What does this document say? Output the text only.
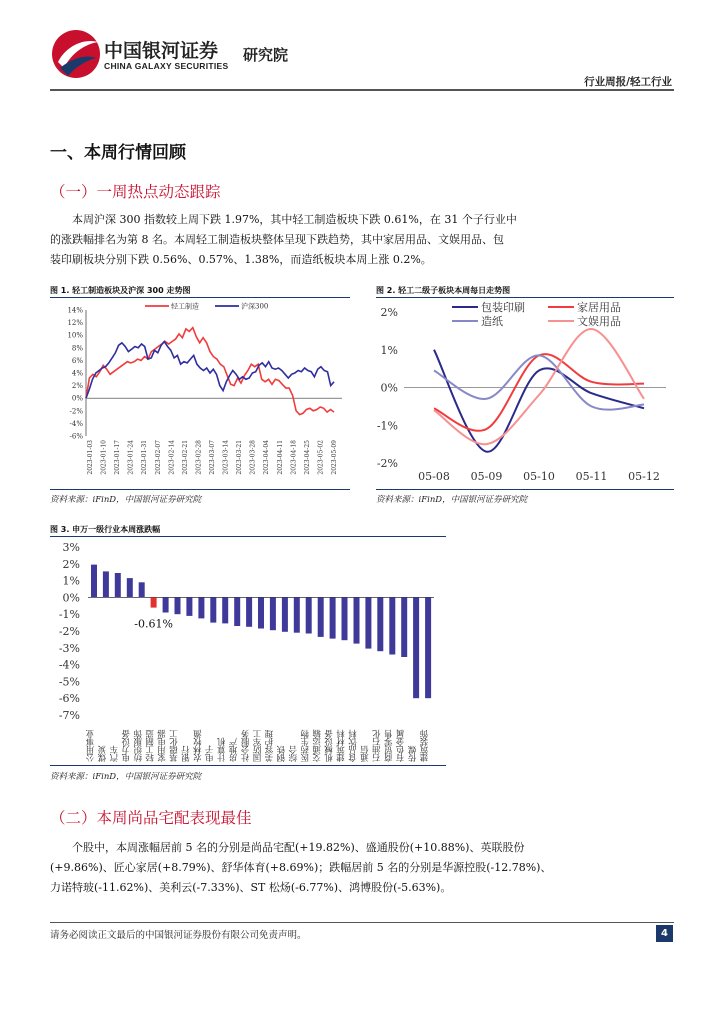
中国银河证券
CHINA GALAXY SECURITIES
研究院
行业周报/轻工行业
一、本周行情回顾
（一）一周热点动态跟踪
本周沪深 300 指数较上周下跌 1.97%，其中轻工制造板块下跌 0.61%，在 31 个子行业中
的涨跌幅排名为第 8 名。本周轻工制造板块整体呈现下跌趋势，其中家居用品、文娱用品、包
装印刷板块分别下跌 0.56%、0.57%、1.38%，而造纸板块本周上涨 0.2%。
图 1. 轻工制造板块及沪深 300 走势图
14%
12%
10%
8%
6%
4%
2%
0%
-2%
-4%
-6%
2023-01-03 2023-01-10 2023-01-17 2023-01-24 2023-01-31 2023-02-07 2023-02-14 2023-02-21 2023-02-28 2023-03-07 2023-03-14 2023-03-21 2023-03-28 2023-04-04 2023-04-11 2023-04-18 2023-04-25 2023-05-02 2023-05-09
轻工制造	沪深300
资料来源：iFinD，中国银河证券研究院
图 2. 轻工二级子板块本周每日走势图
2%
1%
0%
-1%
-2%
05-08 05-09 05-10 05-11 05-12
包装印刷	家居用品
造纸	文娱用品
资料来源：iFinD，中国银河证券研究院
图 3. 申万一级行业本周涨跌幅
3%
2%
1%
0%
-1%
-2%
-3%
-4%
-5%
-6%
-7%
公用事业 煤炭 汽车 电力设备 纺织服饰
-0.61%
轻工制造 家用电器 基础化工 银行 农林牧渔 电子 计算机 房地产 社会服务 国防军工 美容护理 钢铁 综合 医药生物 交通运输 机械设备 建筑材料 食品饮料 通信 石油石化 商贸零售 有色金属 传媒 建筑装饰
资料来源：iFinD，中国银河证券研究院
（二）本周尚品宅配表现最佳
个股中，本周涨幅居前 5 名的分别是尚品宅配(+19.82%)、盛通股份(+10.88%)、英联股份
(+9.86%)、匠心家居(+8.79%)、舒华体育(+8.69%)；跌幅居前 5 名的分别是华源控股(-12.78%)、
力诺特玻(-11.62%)、美利云(-7.33%)、ST 松炀(-6.77%)、鸿博股份(-5.63%)。
请务必阅读正文最后的中国银河证券股份有限公司免责声明。	4
